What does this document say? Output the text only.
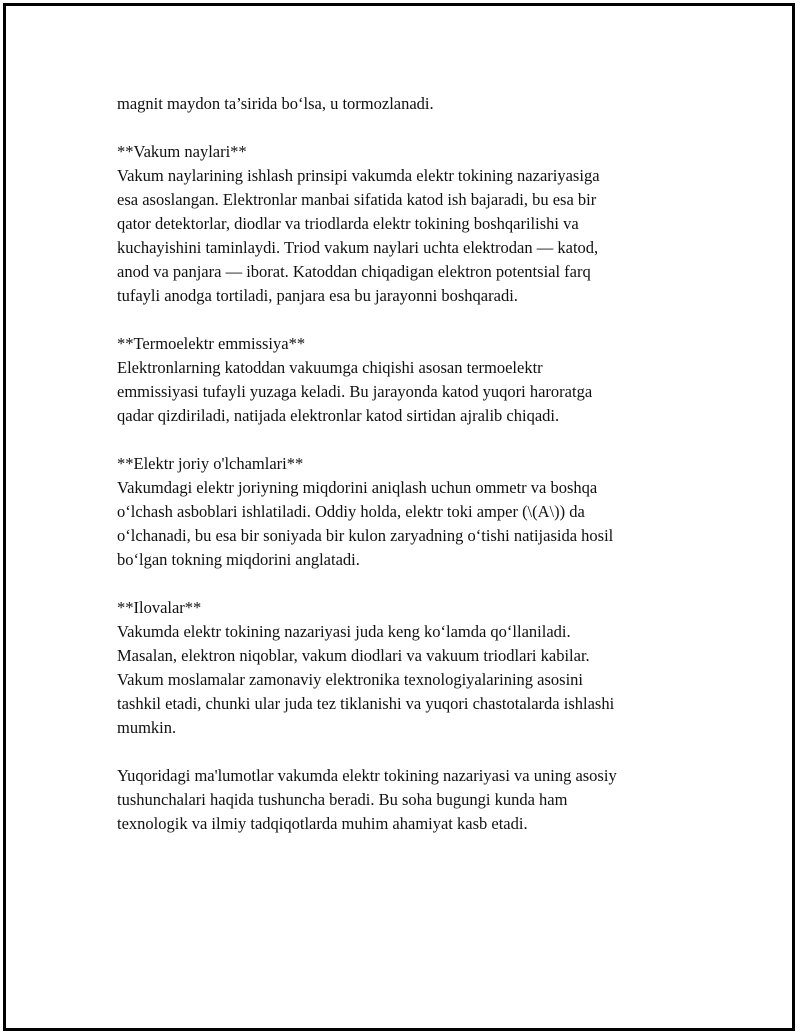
magnit maydon ta’sirida bo‘lsa, u tormozlanadi.
**Vakum naylari**
Vakum naylarining ishlash prinsipi vakumda elektr tokining nazariyasiga
esa asoslangan. Elektronlar manbai sifatida katod ish bajaradi, bu esa bir
qator detektorlar, diodlar va triodlarda elektr tokining boshqarilishi va
kuchayishini taminlaydi. Triod vakum naylari uchta elektrodan — katod,
anod va panjara — iborat. Katoddan chiqadigan elektron potentsial farq
tufayli anodga tortiladi, panjara esa bu jarayonni boshqaradi.
**Termoelektr emmissiya**
Elektronlarning katoddan vakuumga chiqishi asosan termoelektr
emmissiyasi tufayli yuzaga keladi. Bu jarayonda katod yuqori haroratga
qadar qizdiriladi, natijada elektronlar katod sirtidan ajralib chiqadi.
**Elektr joriy o'lchamlari**
Vakumdagi elektr joriyning miqdorini aniqlash uchun ommetr va boshqa
o‘lchash asboblari ishlatiladi. Oddiy holda, elektr toki amper (\(A\)) da
o‘lchanadi, bu esa bir soniyada bir kulon zaryadning o‘tishi natijasida hosil
bo‘lgan tokning miqdorini anglatadi.
**Ilovalar**
Vakumda elektr tokining nazariyasi juda keng ko‘lamda qo‘llaniladi.
Masalan, elektron niqoblar, vakum diodlari va vakuum triodlari kabilar.
Vakum moslamalar zamonaviy elektronika texnologiyalarining asosini
tashkil etadi, chunki ular juda tez tiklanishi va yuqori chastotalarda ishlashi
mumkin.
Yuqoridagi ma'lumotlar vakumda elektr tokining nazariyasi va uning asosiy
tushunchalari haqida tushuncha beradi. Bu soha bugungi kunda ham
texnologik va ilmiy tadqiqotlarda muhim ahamiyat kasb etadi.
